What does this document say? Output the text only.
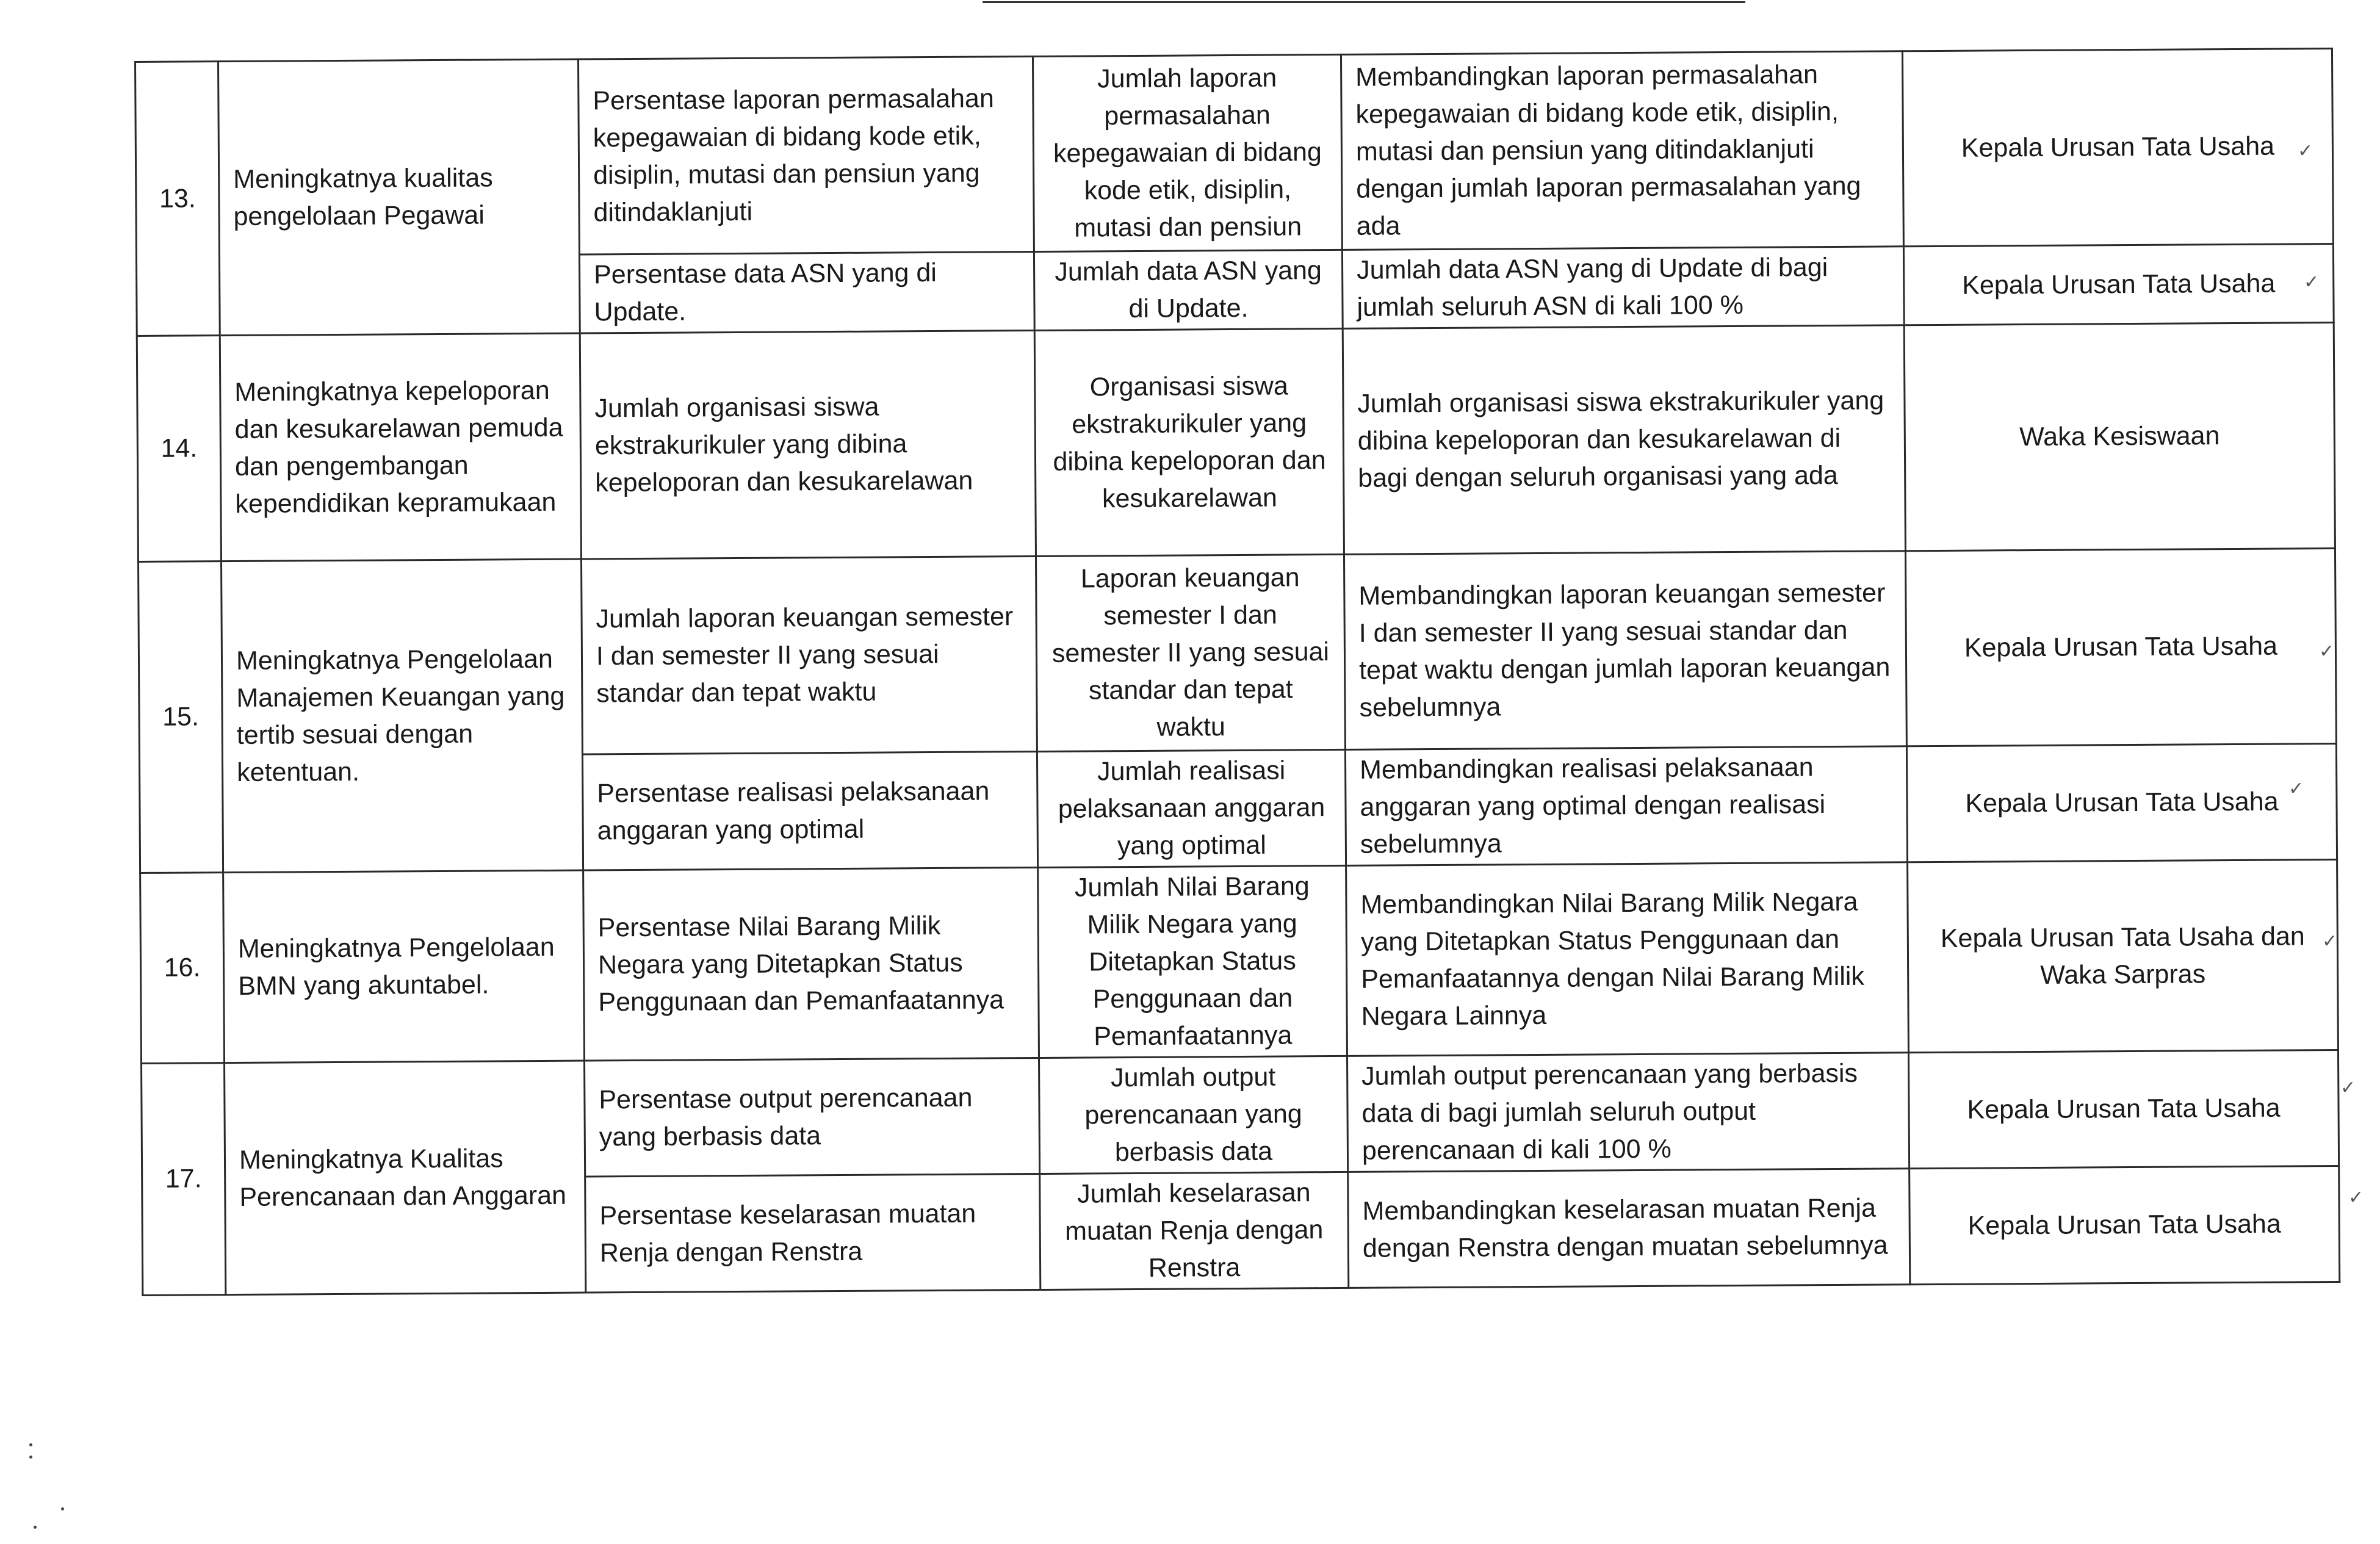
13.	Meningkatnya kualitas pengelolaan Pegawai	Persentase laporan permasalahan kepegawaian di bidang kode etik, disiplin, mutasi dan pensiun yang ditindaklanjuti	Jumlah laporan permasalahan kepegawaian di bidang kode etik, disiplin, mutasi dan pensiun	Membandingkan laporan permasalahan kepegawaian di bidang kode etik, disiplin, mutasi dan pensiun yang ditindaklanjuti dengan jumlah laporan permasalahan yang ada	Kepala Urusan Tata Usaha
		Persentase data ASN yang di Update.	Jumlah data ASN yang di Update.	Jumlah data ASN yang di Update di bagi jumlah seluruh ASN di kali 100 %	Kepala Urusan Tata Usaha
14.	Meningkatnya kepeloporan dan kesukarelawan pemuda dan pengembangan kependidikan kepramukaan	Jumlah organisasi siswa ekstrakurikuler yang dibina kepeloporan dan kesukarelawan	Organisasi siswa ekstrakurikuler yang dibina kepeloporan dan kesukarelawan	Jumlah organisasi siswa ekstrakurikuler yang dibina kepeloporan dan kesukarelawan di bagi dengan seluruh organisasi yang ada	Waka Kesiswaan
15.	Meningkatnya Pengelolaan Manajemen Keuangan yang tertib sesuai dengan ketentuan.	Jumlah laporan keuangan semester I dan semester II yang sesuai standar dan tepat waktu	Laporan keuangan semester I dan semester II yang sesuai standar dan tepat waktu	Membandingkan laporan keuangan semester I dan semester II yang sesuai standar dan tepat waktu dengan jumlah laporan keuangan sebelumnya	Kepala Urusan Tata Usaha
		Persentase realisasi pelaksanaan anggaran yang optimal	Jumlah realisasi pelaksanaan anggaran yang optimal	Membandingkan realisasi pelaksanaan anggaran yang optimal dengan realisasi sebelumnya	Kepala Urusan Tata Usaha
16.	Meningkatnya Pengelolaan BMN yang akuntabel.	Persentase Nilai Barang Milik Negara yang Ditetapkan Status Penggunaan dan Pemanfaatannya	Jumlah Nilai Barang Milik Negara yang Ditetapkan Status Penggunaan dan Pemanfaatannya	Membandingkan Nilai Barang Milik Negara yang Ditetapkan Status Penggunaan dan Pemanfaatannya dengan Nilai Barang Milik Negara Lainnya	Kepala Urusan Tata Usaha dan Waka Sarpras
17.	Meningkatnya Kualitas Perencanaan dan Anggaran	Persentase output perencanaan yang berbasis data	Jumlah output perencanaan yang berbasis data	Jumlah output perencanaan yang berbasis data di bagi jumlah seluruh output perencanaan di kali 100 %	Kepala Urusan Tata Usaha
		Persentase keselarasan muatan Renja dengan Renstra	Jumlah keselarasan muatan Renja dengan Renstra	Membandingkan keselarasan muatan Renja dengan Renstra dengan muatan sebelumnya	Kepala Urusan Tata Usaha
✓
✓
✓
✓
✓
✓
✓
